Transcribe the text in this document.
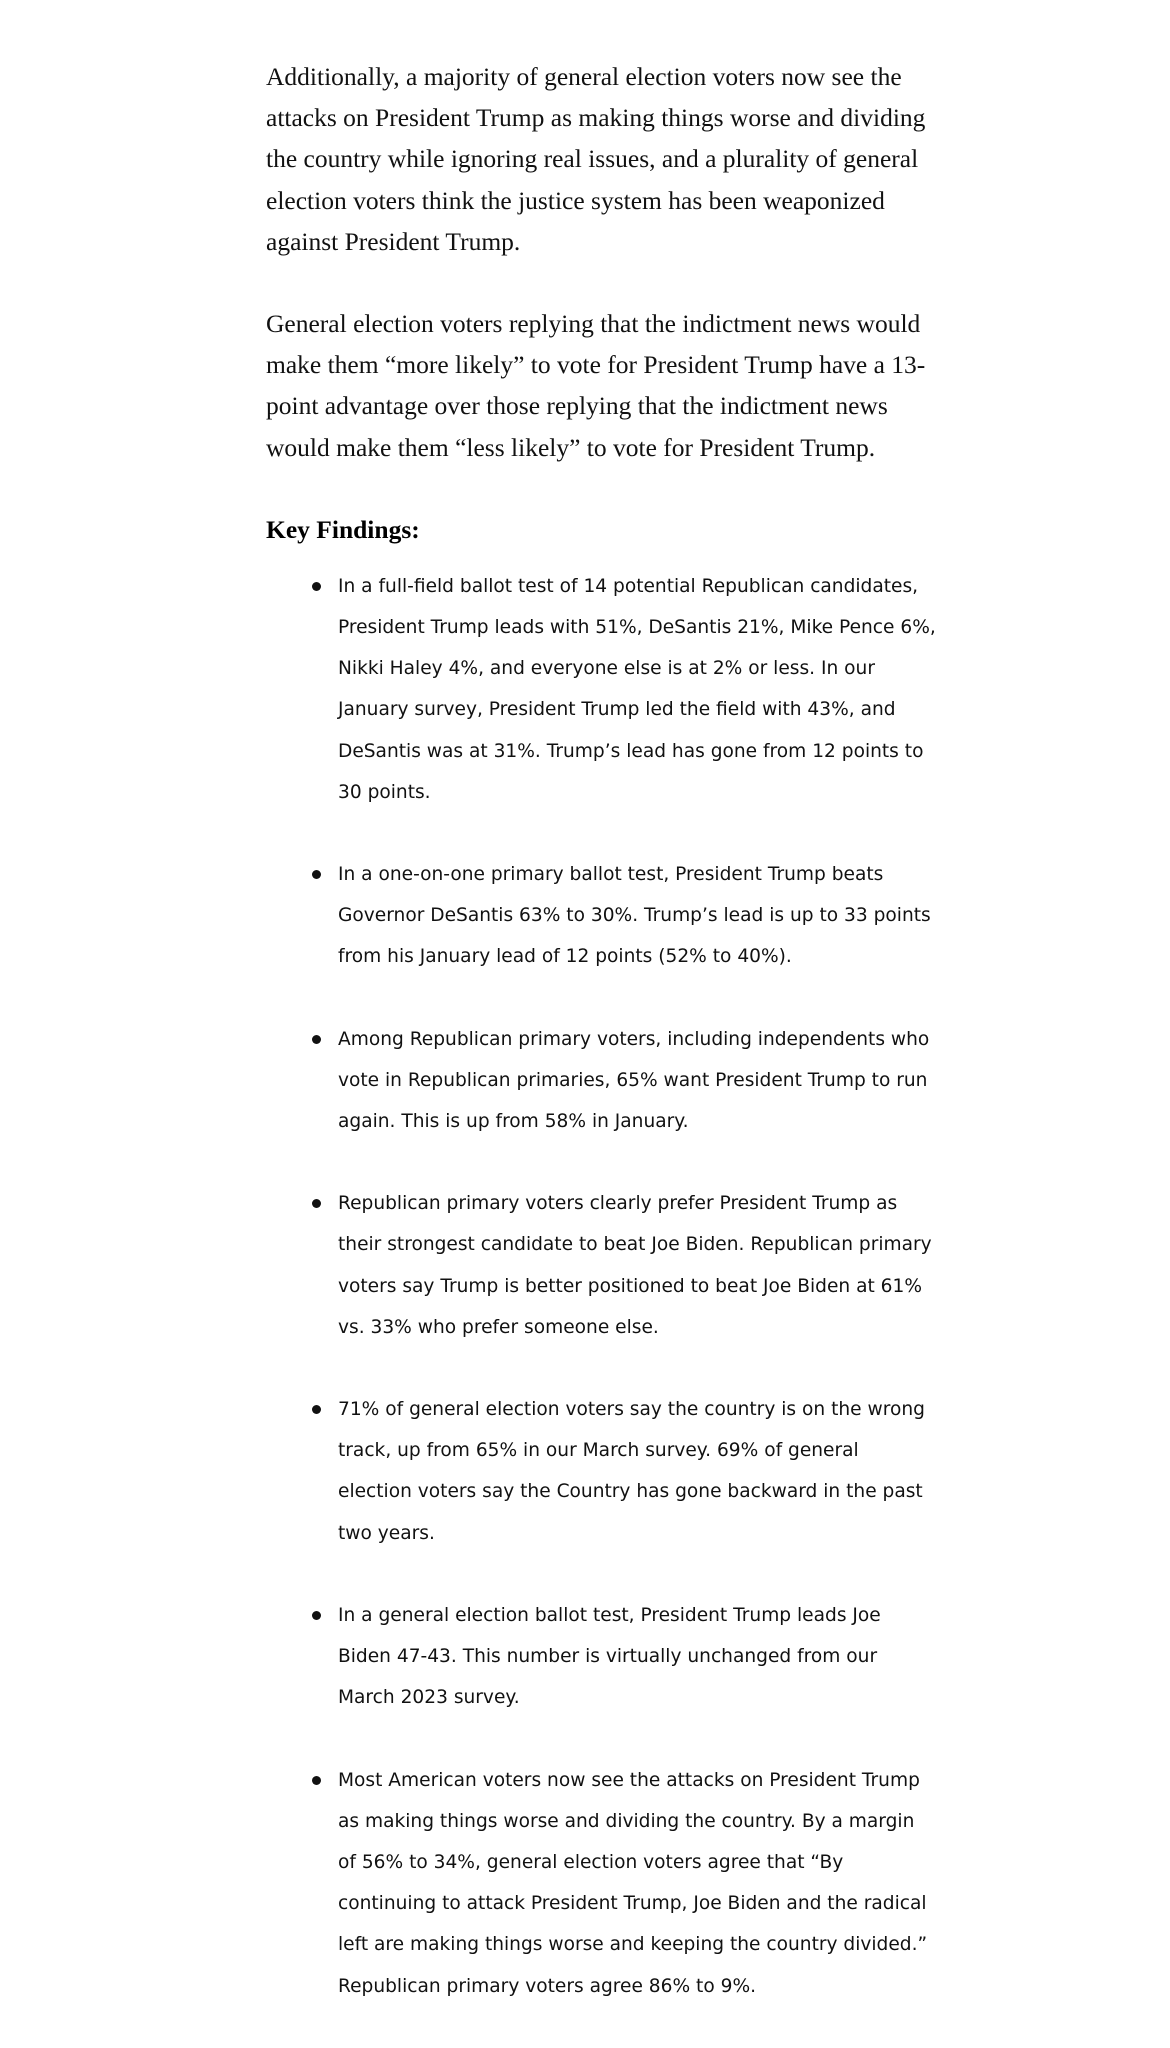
Additionally, a majority of general election voters now see the attacks on President Trump as making things worse and dividing the country while ignoring real issues, and a plurality of general election voters think the justice system has been weaponized against President Trump.

General election voters replying that the indictment news would make them “more likely” to vote for President Trump have a 13-point advantage over those replying that the indictment news would make them “less likely” to vote for President Trump.

Key Findings:
In a full-field ballot test of 14 potential Republican candidates, President Trump leads with 51%, DeSantis 21%, Mike Pence 6%, Nikki Haley 4%, and everyone else is at 2% or less. In our January survey, President Trump led the field with 43%, and DeSantis was at 31%. Trump’s lead has gone from 12 points to 30 points.
In a one-on-one primary ballot test, President Trump beats Governor DeSantis 63% to 30%. Trump’s lead is up to 33 points from his January lead of 12 points (52% to 40%).
Among Republican primary voters, including independents who vote in Republican primaries, 65% want President Trump to run again. This is up from 58% in January.
Republican primary voters clearly prefer President Trump as their strongest candidate to beat Joe Biden. Republican primary voters say Trump is better positioned to beat Joe Biden at 61% vs. 33% who prefer someone else.
71% of general election voters say the country is on the wrong track, up from 65% in our March survey. 69% of general election voters say the Country has gone backward in the past two years.
In a general election ballot test, President Trump leads Joe Biden 47-43. This number is virtually unchanged from our March 2023 survey.
Most American voters now see the attacks on President Trump as making things worse and dividing the country. By a margin of 56% to 34%, general election voters agree that “By continuing to attack President Trump, Joe Biden and the radical left are making things worse and keeping the country divided.” Republican primary voters agree 86% to 9%.
